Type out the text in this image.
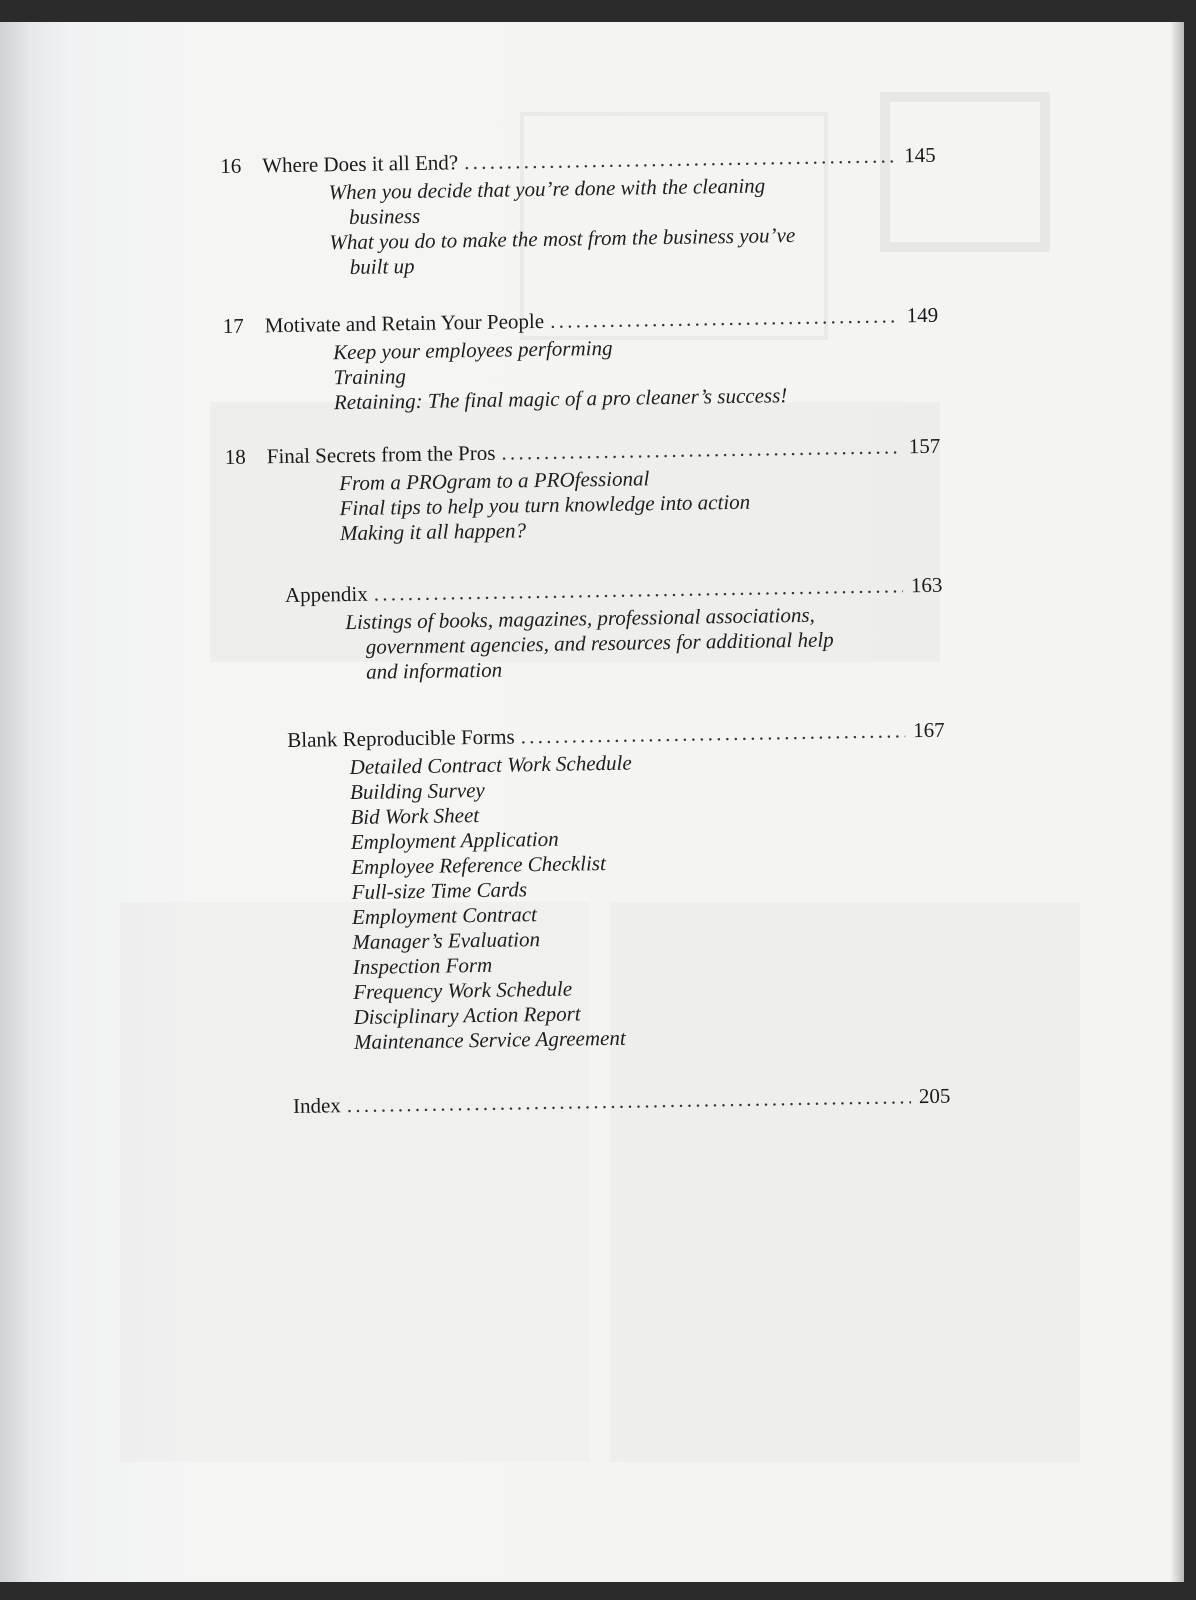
16 Where Does it all End? . . .	145
When you decide that you’re done with the cleaning business
What you do to make the most from the business you’ve built up
17 Motivate and Retain Your People . . .	149
Keep your employees performing
Training
Retaining: The final magic of a pro cleaner’s success!
18 Final Secrets from the Pros . . .	157
From a PROgram to a PROfessional
Final tips to help you turn knowledge into action
Making it all happen?
Appendix . . .	163
Listings of books, magazines, professional associations, government agencies, and resources for additional help and information
Blank Reproducible Forms . . .	167
Detailed Contract Work Schedule
Building Survey
Bid Work Sheet
Employment Application
Employee Reference Checklist
Full-size Time Cards
Employment Contract
Manager’s Evaluation
Inspection Form
Frequency Work Schedule
Disciplinary Action Report
Maintenance Service Agreement
Index . . .	205
